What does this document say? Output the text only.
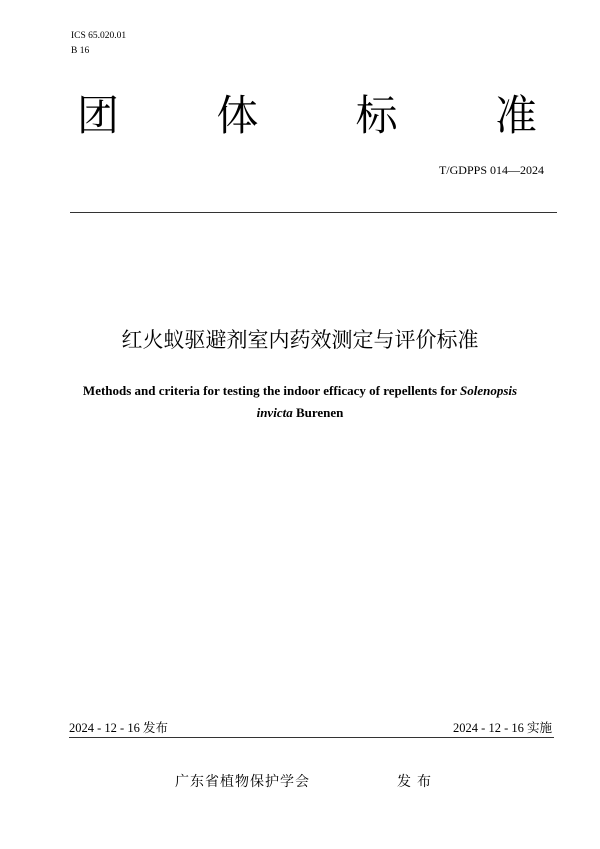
ICS 65.020.01
B 16
团 体 标 准
T/GDPPS 014—2024
红火蚁驱避剂室内药效测定与评价标准
Methods and criteria for testing the indoor efficacy of repellents for Solenopsis
invicta Burenen
2024 - 12 - 16 发布	2024 - 12 - 16 实施
广东省植物保护学会	发布
